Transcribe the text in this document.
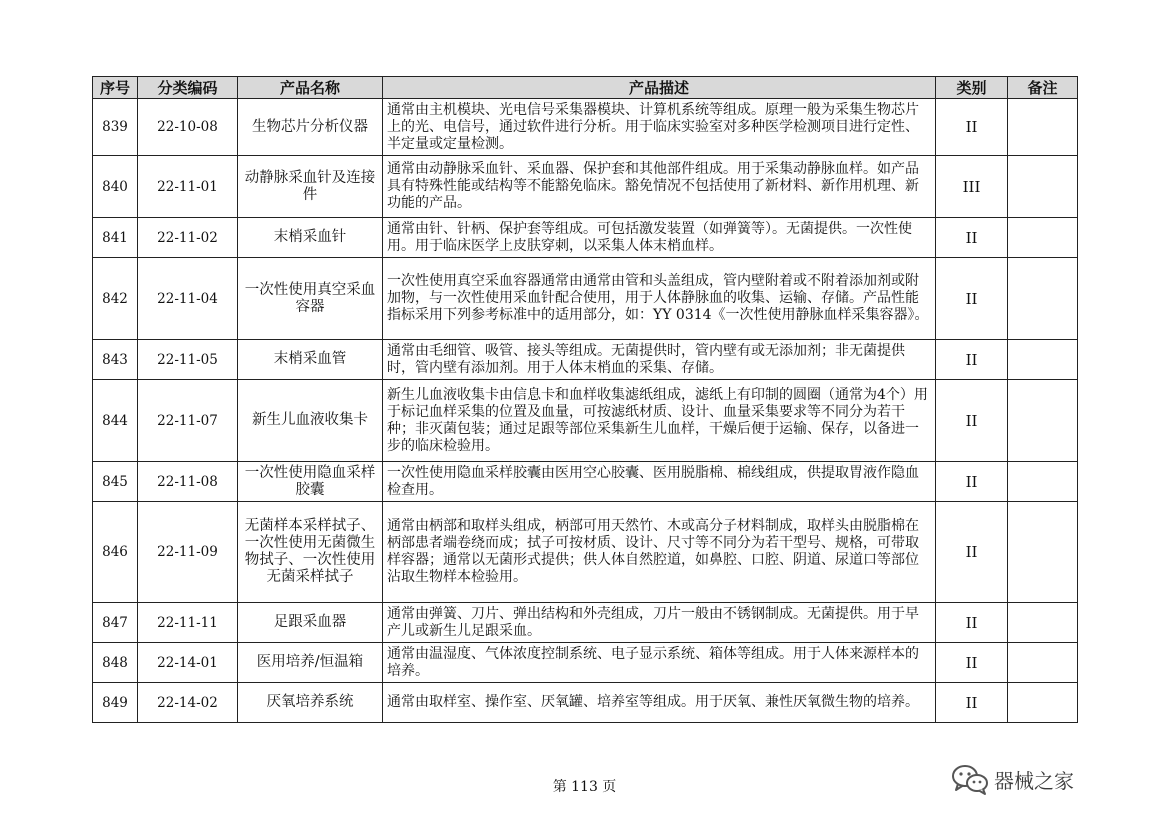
序号	分类编码	产品名称	产品描述	类别	备注
839	22-10-08	生物芯片分析仪器	通常由主机模块、光电信号采集器模块、计算机系统等组成。原理一般为采集生物芯片上的光、电信号，通过软件进行分析。用于临床实验室对多种医学检测项目进行定性、半定量或定量检测。	II	
840	22-11-01	动静脉采血针及连接件	通常由动静脉采血针、采血器、保护套和其他部件组成。用于采集动静脉血样。如产品具有特殊性能或结构等不能豁免临床。豁免情况不包括使用了新材料、新作用机理、新功能的产品。	III	
841	22-11-02	末梢采血针	通常由针、针柄、保护套等组成。可包括激发装置（如弹簧等）。无菌提供。一次性使用。用于临床医学上皮肤穿刺，以采集人体末梢血样。	II	
842	22-11-04	一次性使用真空采血容器	一次性使用真空采血容器通常由通常由管和头盖组成，管内壁附着或不附着添加剂或附加物，与一次性使用采血针配合使用，用于人体静脉血的收集、运输、存储。产品性能指标采用下列参考标准中的适用部分，如：YY 0314《一次性使用静脉血样采集容器》。	II	
843	22-11-05	末梢采血管	通常由毛细管、吸管、接头等组成。无菌提供时，管内壁有或无添加剂；非无菌提供时，管内壁有添加剂。用于人体末梢血的采集、存储。	II	
844	22-11-07	新生儿血液收集卡	新生儿血液收集卡由信息卡和血样收集滤纸组成，滤纸上有印制的圆圈（通常为4个）用于标记血样采集的位置及血量，可按滤纸材质、设计、血量采集要求等不同分为若干种；非灭菌包装；通过足跟等部位采集新生儿血样，干燥后便于运输、保存，以备进一步的临床检验用。	II	
845	22-11-08	一次性使用隐血采样胶囊	一次性使用隐血采样胶囊由医用空心胶囊、医用脱脂棉、棉线组成，供提取胃液作隐血检查用。	II	
846	22-11-09	无菌样本采样拭子、一次性使用无菌微生物拭子、一次性使用无菌采样拭子	通常由柄部和取样头组成，柄部可用天然竹、木或高分子材料制成，取样头由脱脂棉在柄部患者端卷绕而成；拭子可按材质、设计、尺寸等不同分为若干型号、规格，可带取样容器；通常以无菌形式提供；供人体自然腔道，如鼻腔、口腔、阴道、尿道口等部位沾取生物样本检验用。	II	
847	22-11-11	足跟采血器	通常由弹簧、刀片、弹出结构和外壳组成，刀片一般由不锈钢制成。无菌提供。用于早产儿或新生儿足跟采血。	II	
848	22-14-01	医用培养/恒温箱	通常由温湿度、气体浓度控制系统、电子显示系统、箱体等组成。用于人体来源样本的培养。	II	
849	22-14-02	厌氧培养系统	通常由取样室、操作室、厌氧罐、培养室等组成。用于厌氧、兼性厌氧微生物的培养。	II	
第 113 页	器械之家
